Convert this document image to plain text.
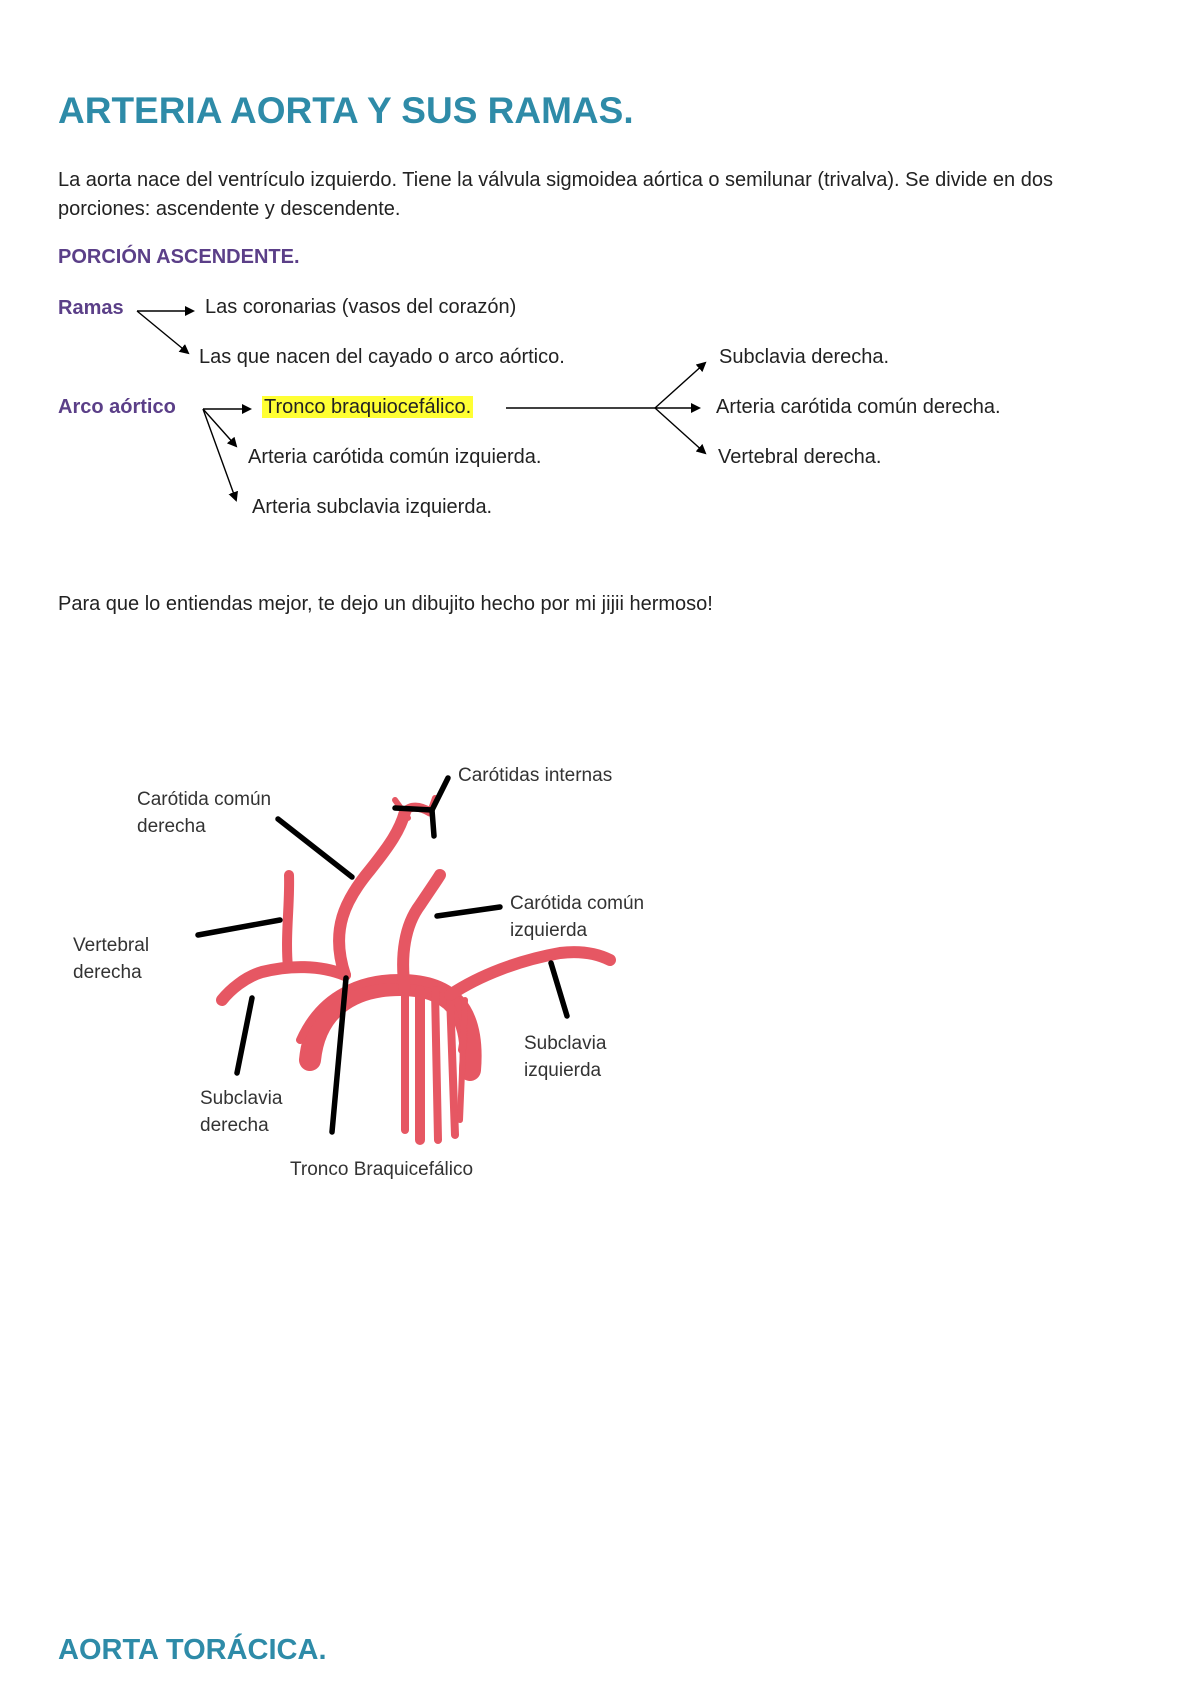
ARTERIA AORTA Y SUS RAMAS.
La aorta nace del ventrículo izquierdo. Tiene la válvula sigmoidea aórtica o semilunar (trivalva). Se divide en dos porciones: ascendente y descendente.
PORCIÓN ASCENDENTE.
Ramas	Las coronarias (vasos del corazón)
Las que nacen del cayado o arco aórtico.
Arco aórtico	Tronco braquiocefálico.
Arteria carótida común izquierda.
Arteria subclavia izquierda.
Subclavia derecha.
Arteria carótida común derecha.
Vertebral derecha.
Para que lo entiendas mejor, te dejo un dibujito hecho por mi jijii hermoso!
Carótidas internas
Carótida común
derecha
Vertebral
derecha
Carótida común
izquierda
Subclavia
izquierda
Subclavia
derecha
Tronco Braquicefálico
AORTA TORÁCICA.
